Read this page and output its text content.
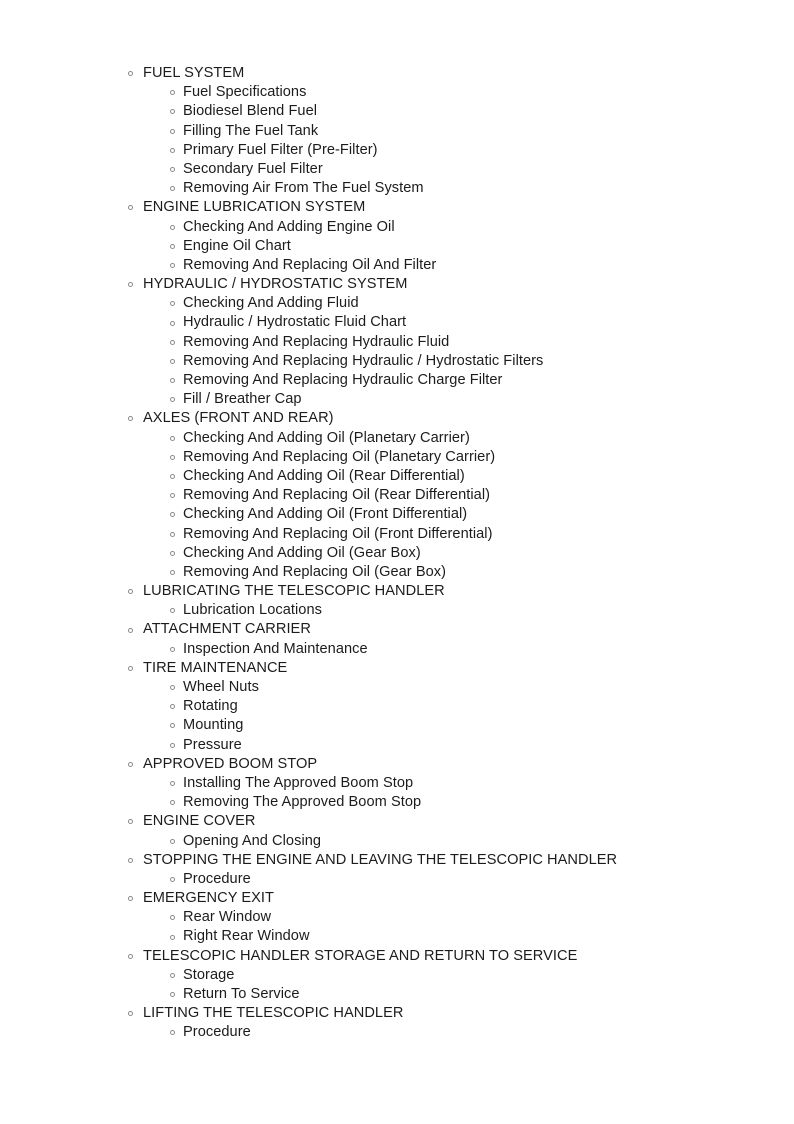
FUEL SYSTEM
Fuel Specifications
Biodiesel Blend Fuel
Filling The Fuel Tank
Primary Fuel Filter (Pre-Filter)
Secondary Fuel Filter
Removing Air From The Fuel System
ENGINE LUBRICATION SYSTEM
Checking And Adding Engine Oil
Engine Oil Chart
Removing And Replacing Oil And Filter
HYDRAULIC / HYDROSTATIC SYSTEM
Checking And Adding Fluid
Hydraulic / Hydrostatic Fluid Chart
Removing And Replacing Hydraulic Fluid
Removing And Replacing Hydraulic / Hydrostatic Filters
Removing And Replacing Hydraulic Charge Filter
Fill / Breather Cap
AXLES (FRONT AND REAR)
Checking And Adding Oil (Planetary Carrier)
Removing And Replacing Oil (Planetary Carrier)
Checking And Adding Oil (Rear Differential)
Removing And Replacing Oil (Rear Differential)
Checking And Adding Oil (Front Differential)
Removing And Replacing Oil (Front Differential)
Checking And Adding Oil (Gear Box)
Removing And Replacing Oil (Gear Box)
LUBRICATING THE TELESCOPIC HANDLER
Lubrication Locations
ATTACHMENT CARRIER
Inspection And Maintenance
TIRE MAINTENANCE
Wheel Nuts
Rotating
Mounting
Pressure
APPROVED BOOM STOP
Installing The Approved Boom Stop
Removing The Approved Boom Stop
ENGINE COVER
Opening And Closing
STOPPING THE ENGINE AND LEAVING THE TELESCOPIC HANDLER
Procedure
EMERGENCY EXIT
Rear Window
Right Rear Window
TELESCOPIC HANDLER STORAGE AND RETURN TO SERVICE
Storage
Return To Service
LIFTING THE TELESCOPIC HANDLER
Procedure
